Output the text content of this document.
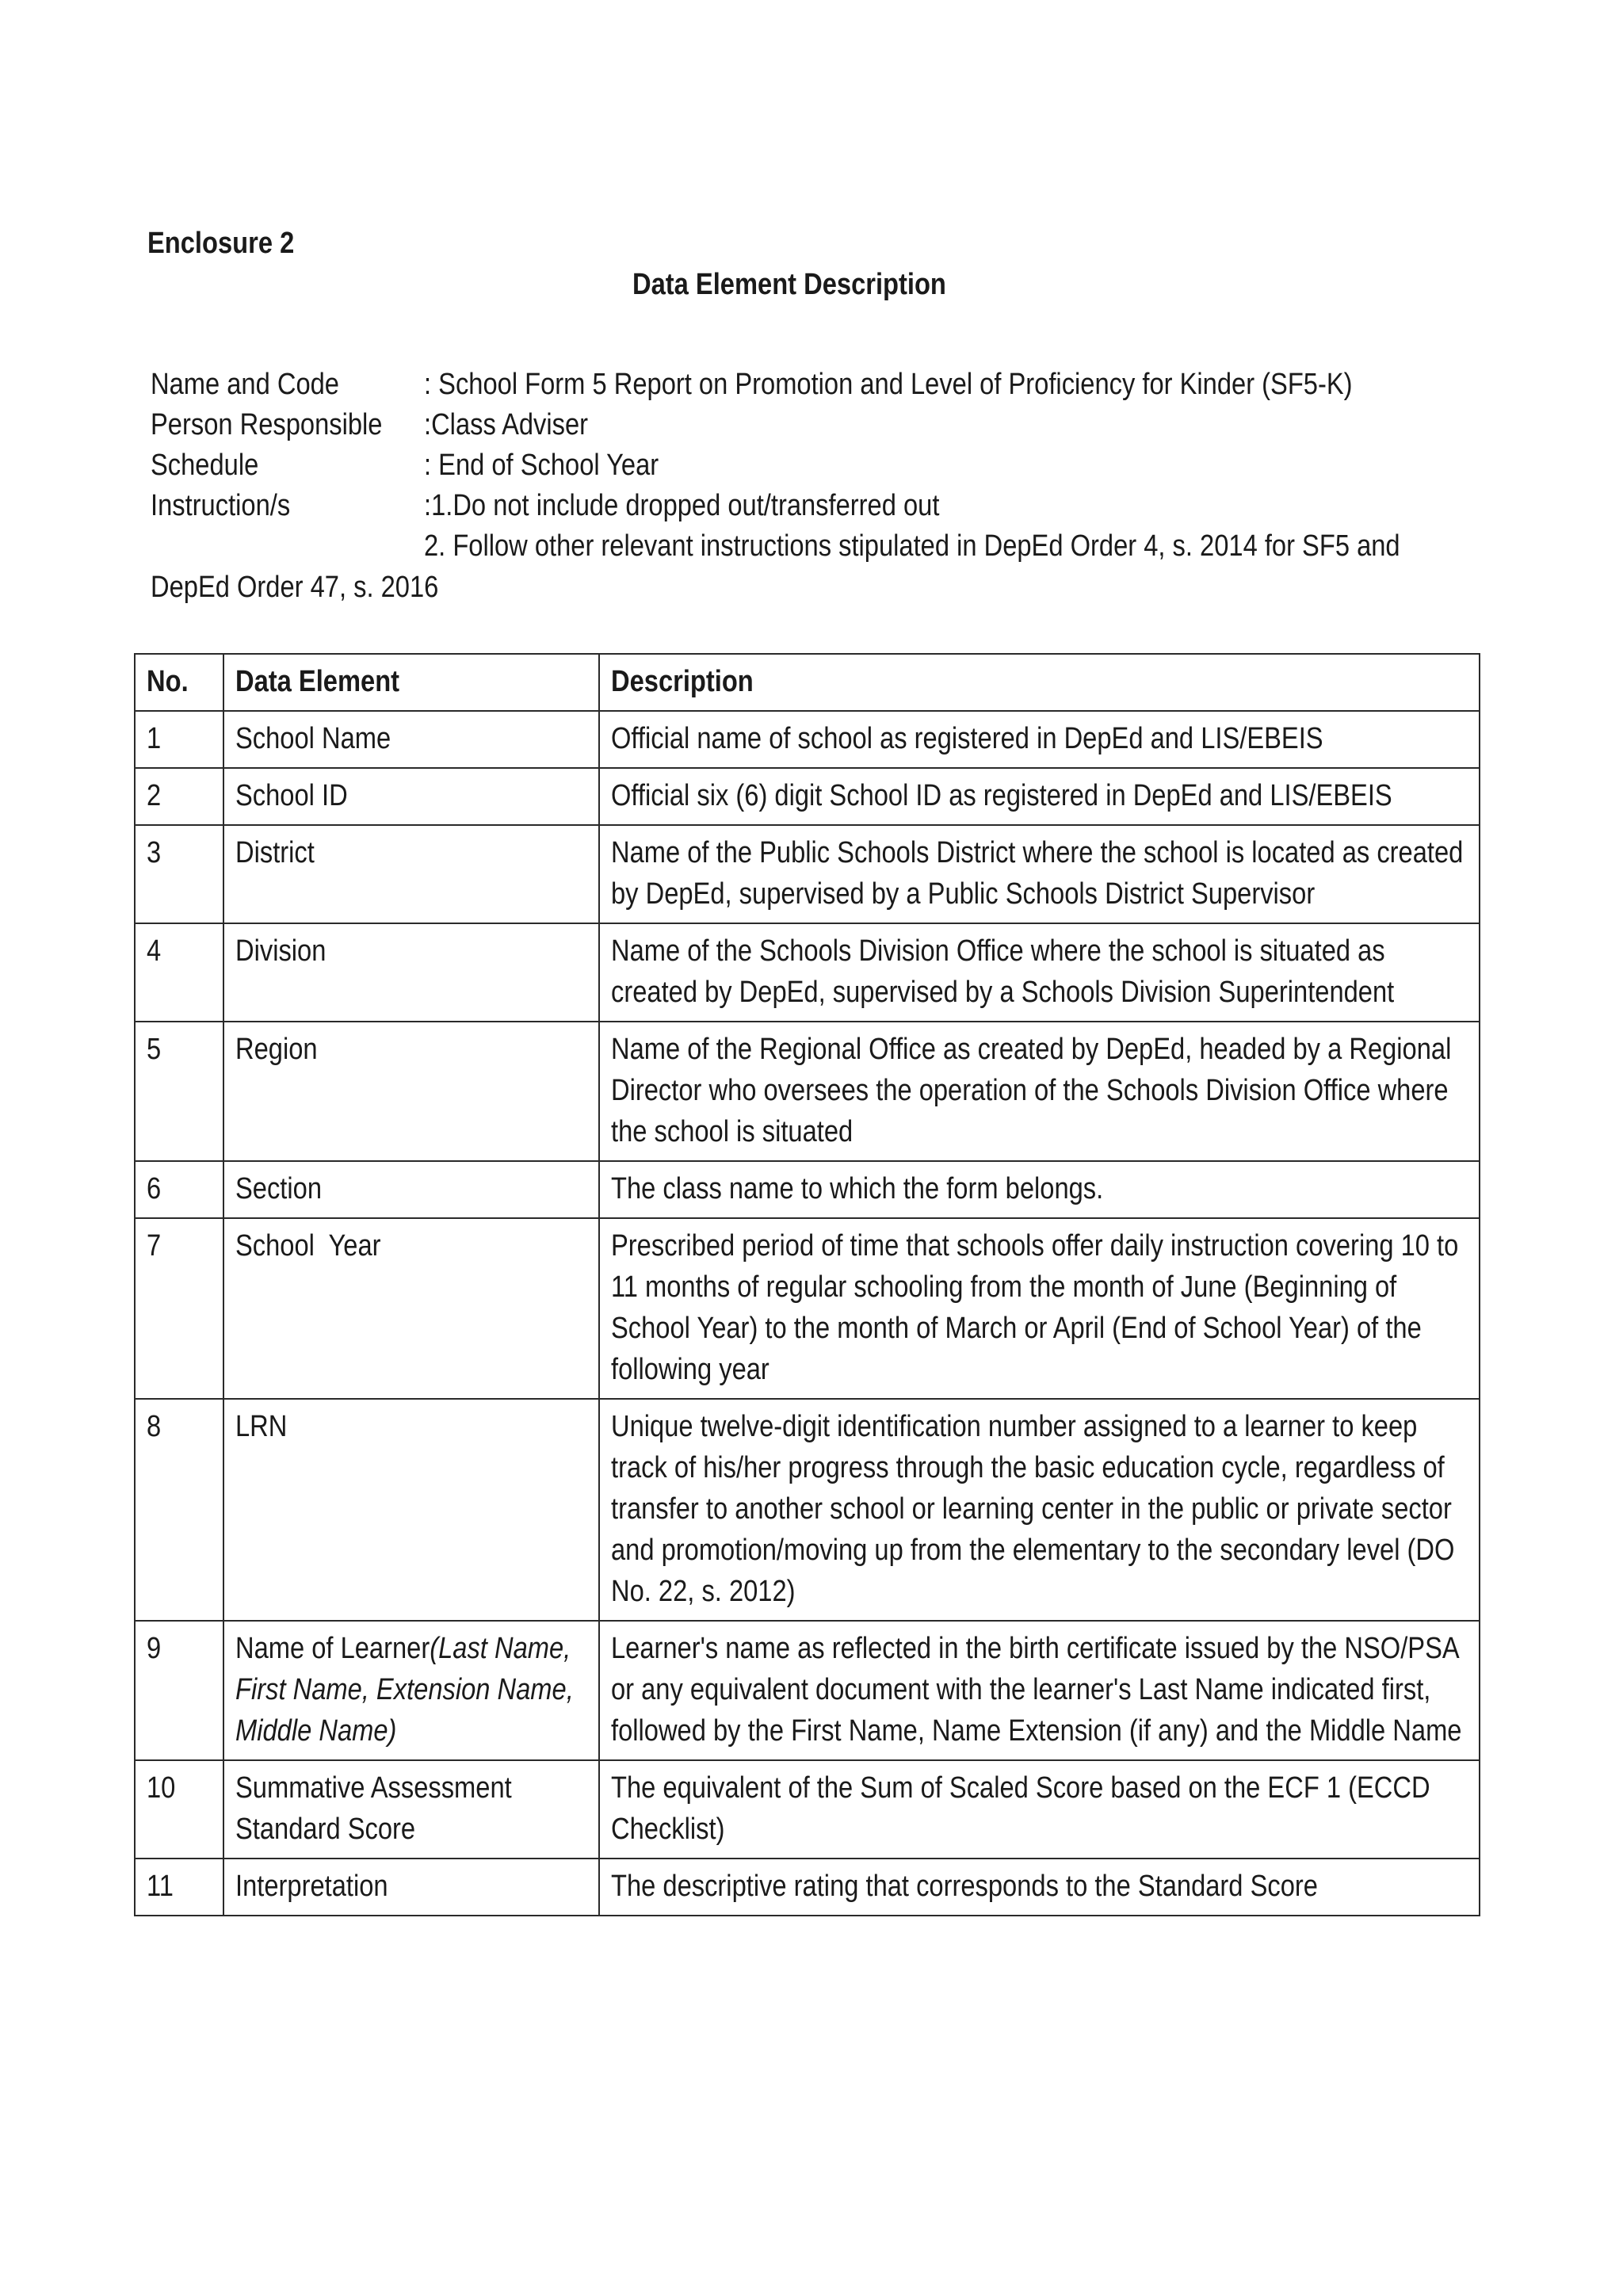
Enclosure 2
Data Element Description
Name and Code	: School Form 5 Report on Promotion and Level of Proficiency for Kinder (SF5-K)
Person Responsible	:Class Adviser
Schedule	: End of School Year
Instruction/s	:1.Do not include dropped out/transferred out
2. Follow other relevant instructions stipulated in DepEd Order 4, s. 2014 for SF5 and
DepEd Order 47, s. 2016
No.	Data Element	Description

1	School Name	Official name of school as registered in DepEd and LIS/EBEIS

2	School ID	Official six (6) digit School ID as registered in DepEd and LIS/EBEIS

3	District	Name of the Public Schools District where the school is located as created by DepEd, supervised by a Public Schools District Supervisor

4	Division	Name of the Schools Division Office where the school is situated as created by DepEd, supervised by a Schools Division Superintendent

5	Region	Name of the Regional Office as created by DepEd, headed by a Regional Director who oversees the operation of the Schools Division Office where the school is situated

6	Section	The class name to which the form belongs.

7	School  Year	Prescribed period of time that schools offer daily instruction covering 10 to 11 months of regular schooling from the month of June (Beginning of School Year) to the month of March or April (End of School Year) of the following year

8	LRN	Unique twelve-digit identification number assigned to a learner to keep track of his/her progress through the basic education cycle, regardless of transfer to another school or learning center in the public or private sector and promotion/moving up from the elementary to the secondary level (DO No. 22, s. 2012)

9	Name of Learner(Last Name, First Name, Extension Name, Middle Name)	Learner's name as reflected in the birth certificate issued by the NSO/PSA or any equivalent document with the learner's Last Name indicated first, followed by the First Name, Name Extension (if any) and the Middle Name

10	Summative Assessment Standard Score	The equivalent of the Sum of Scaled Score based on the ECF 1 (ECCD Checklist)

11	Interpretation	The descriptive rating that corresponds to the Standard Score
